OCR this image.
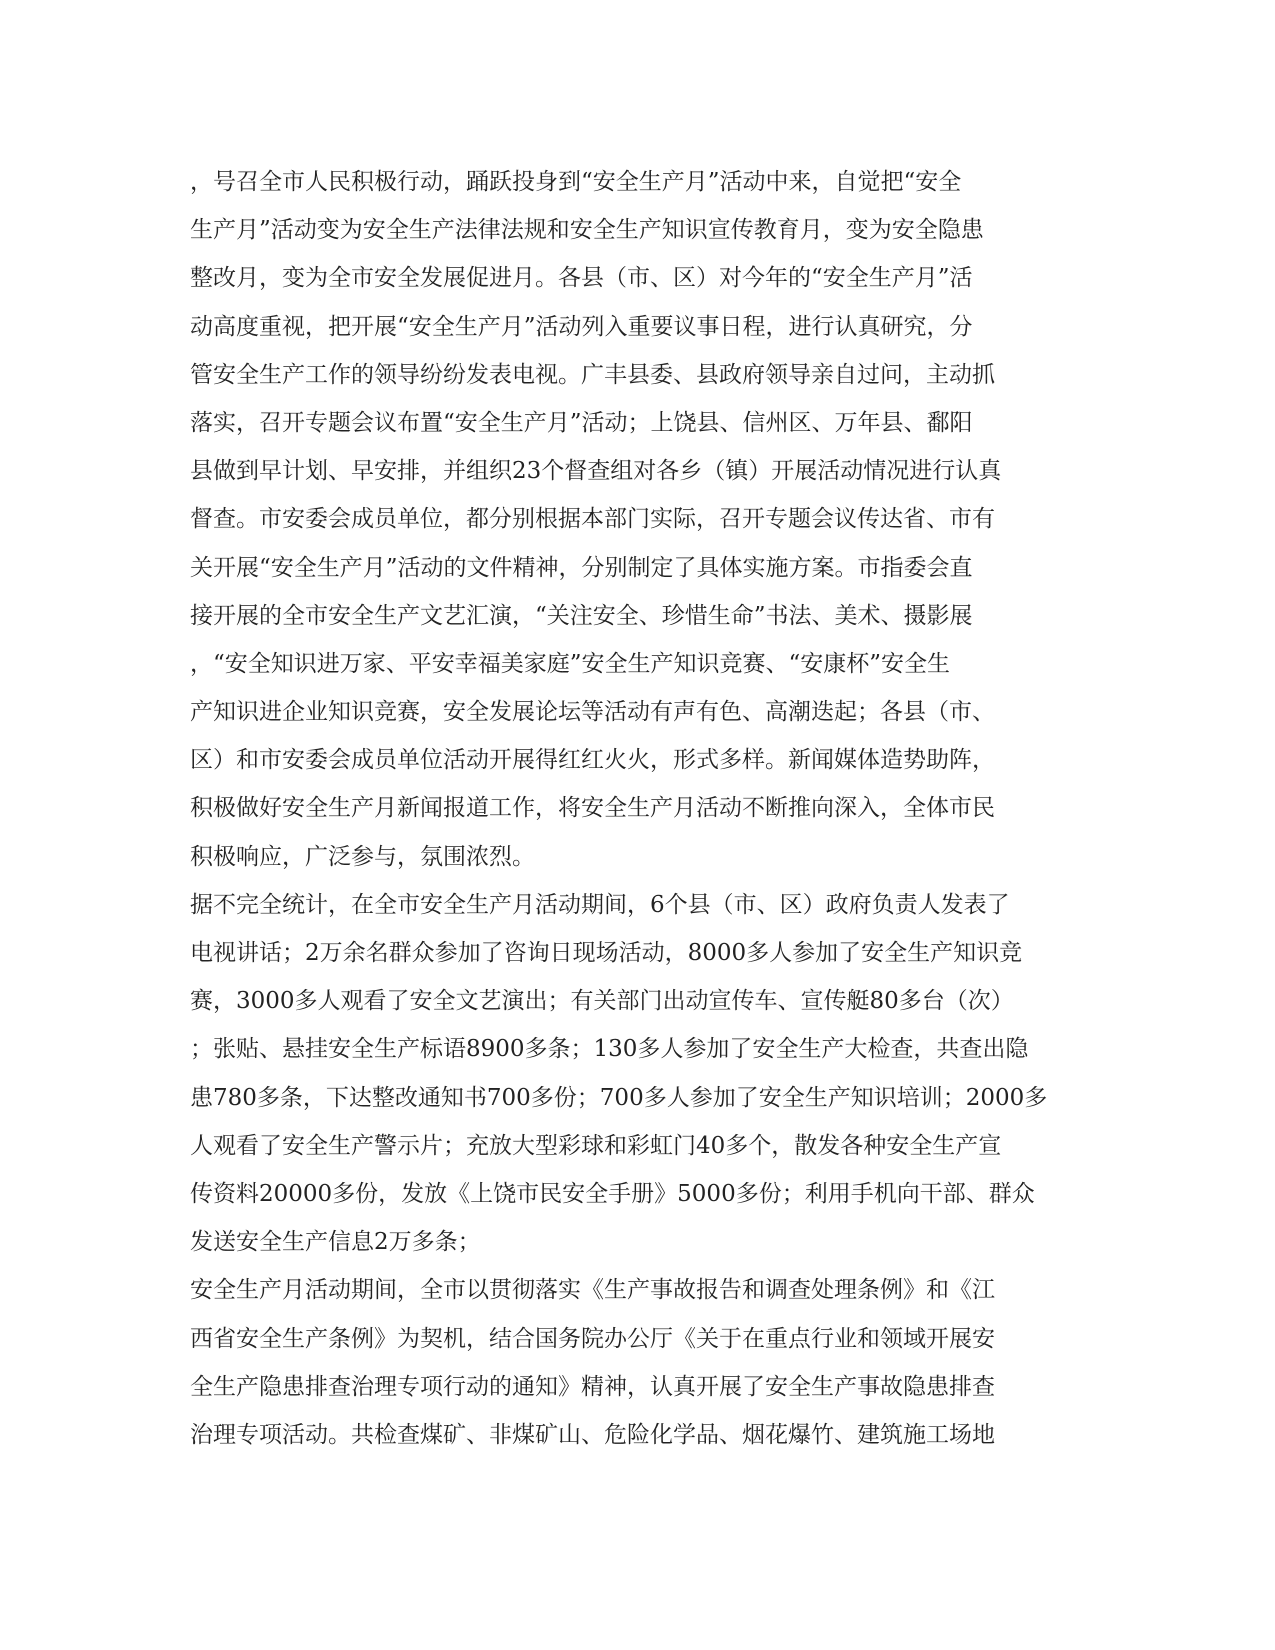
，号召全市人民积极行动，踊跃投身到“安全生产月”活动中来，自觉把“安全
生产月”活动变为安全生产法律法规和安全生产知识宣传教育月，变为安全隐患
整改月，变为全市安全发展促进月。各县（市、区）对今年的“安全生产月”活
动高度重视，把开展“安全生产月”活动列入重要议事日程，进行认真研究，分
管安全生产工作的领导纷纷发表电视。广丰县委、县政府领导亲自过问，主动抓
落实，召开专题会议布置“安全生产月”活动；上饶县、信州区、万年县、鄱阳
县做到早计划、早安排，并组织23个督查组对各乡（镇）开展活动情况进行认真
督查。市安委会成员单位，都分别根据本部门实际，召开专题会议传达省、市有
关开展“安全生产月”活动的文件精神，分别制定了具体实施方案。市指委会直
接开展的全市安全生产文艺汇演，“关注安全、珍惜生命”书法、美术、摄影展
，“安全知识进万家、平安幸福美家庭”安全生产知识竞赛、“安康杯”安全生
产知识进企业知识竞赛，安全发展论坛等活动有声有色、高潮迭起；各县（市、
区）和市安委会成员单位活动开展得红红火火，形式多样。新闻媒体造势助阵，
积极做好安全生产月新闻报道工作，将安全生产月活动不断推向深入，全体市民
积极响应，广泛参与，氛围浓烈。
据不完全统计，在全市安全生产月活动期间，6个县（市、区）政府负责人发表了
电视讲话；2万余名群众参加了咨询日现场活动，8000多人参加了安全生产知识竞
赛，3000多人观看了安全文艺演出；有关部门出动宣传车、宣传艇80多台（次）
；张贴、悬挂安全生产标语8900多条；130多人参加了安全生产大检查，共查出隐
患780多条，下达整改通知书700多份；700多人参加了安全生产知识培训；2000多
人观看了安全生产警示片；充放大型彩球和彩虹门40多个，散发各种安全生产宣
传资料20000多份，发放《上饶市民安全手册》5000多份；利用手机向干部、群众
发送安全生产信息2万多条；
安全生产月活动期间，全市以贯彻落实《生产事故报告和调查处理条例》和《江
西省安全生产条例》为契机，结合国务院办公厅《关于在重点行业和领域开展安
全生产隐患排查治理专项行动的通知》精神，认真开展了安全生产事故隐患排查
治理专项活动。共检查煤矿、非煤矿山、危险化学品、烟花爆竹、建筑施工场地
